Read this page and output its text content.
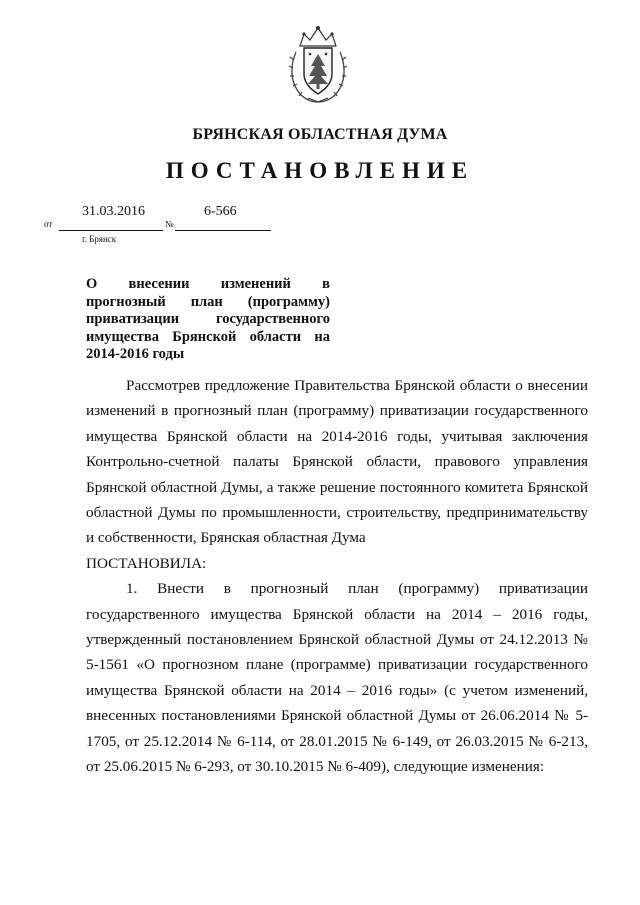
БРЯНСКАЯ ОБЛАСТНАЯ ДУМА
ПОСТАНОВЛЕНИЕ
31.03.2016	6-566
от	№
г. Брянск
О внесении изменений в прогнозный план (программу) приватизации государственного имущества Брянской области на 2014-2016 годы

Рассмотрев предложение Правительства Брянской области о внесении изменений в прогнозный план (программу) приватизации государственного имущества Брянской области на 2014-2016 годы, учитывая заключения Контрольно-счетной палаты Брянской области, правового управления Брянской областной Думы, а также решение постоянного комитета Брянской областной Думы по промышленности, строительству, предпринимательству и собственности, Брянская областная Дума

ПОСТАНОВИЛА:

1. Внести в прогнозный план (программу) приватизации государственного имущества Брянской области на 2014 – 2016 годы, утвержденный постановлением Брянской областной Думы от 24.12.2013 № 5-1561 «О прогнозном плане (программе) приватизации государственного имущества Брянской области на 2014 – 2016 годы» (с учетом изменений, внесенных постановлениями Брянской областной Думы от 26.06.2014 № 5-1705, от 25.12.2014 № 6-114, от 28.01.2015 № 6-149, от 26.03.2015 № 6-213, от 25.06.2015 № 6-293, от 30.10.2015 № 6-409), следующие изменения:
